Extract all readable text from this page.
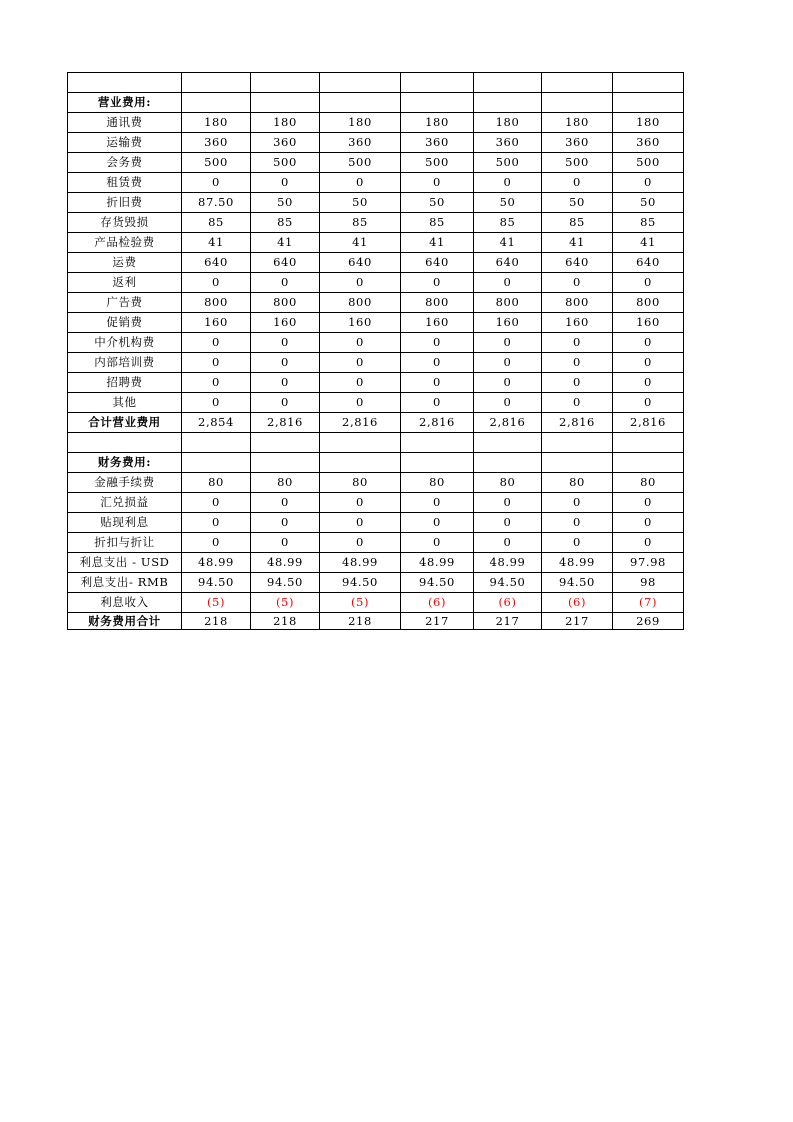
营业费用:							
通讯费	180	180	180	180	180	180	180
运输费	360	360	360	360	360	360	360
会务费	500	500	500	500	500	500	500
租赁费	0	0	0	0	0	0	0
折旧费	87.50	50	50	50	50	50	50
存货毁损	85	85	85	85	85	85	85
产品检验费	41	41	41	41	41	41	41
运费	640	640	640	640	640	640	640
返利	0	0	0	0	0	0	0
广告费	800	800	800	800	800	800	800
促销费	160	160	160	160	160	160	160
中介机构费	0	0	0	0	0	0	0
内部培训费	0	0	0	0	0	0	0
招聘费	0	0	0	0	0	0	0
其他	0	0	0	0	0	0	0
合计营业费用	2,854	2,816	2,816	2,816	2,816	2,816	2,816

财务费用:							
金融手续费	80	80	80	80	80	80	80
汇兑损益	0	0	0	0	0	0	0
贴现利息	0	0	0	0	0	0	0
折扣与折让	0	0	0	0	0	0	0
利息支出 - USD	48.99	48.99	48.99	48.99	48.99	48.99	97.98
利息支出- RMB	94.50	94.50	94.50	94.50	94.50	94.50	98
利息收入	(5)	(5)	(5)	(6)	(6)	(6)	(7)
财务费用合计	218	218	218	217	217	217	269
